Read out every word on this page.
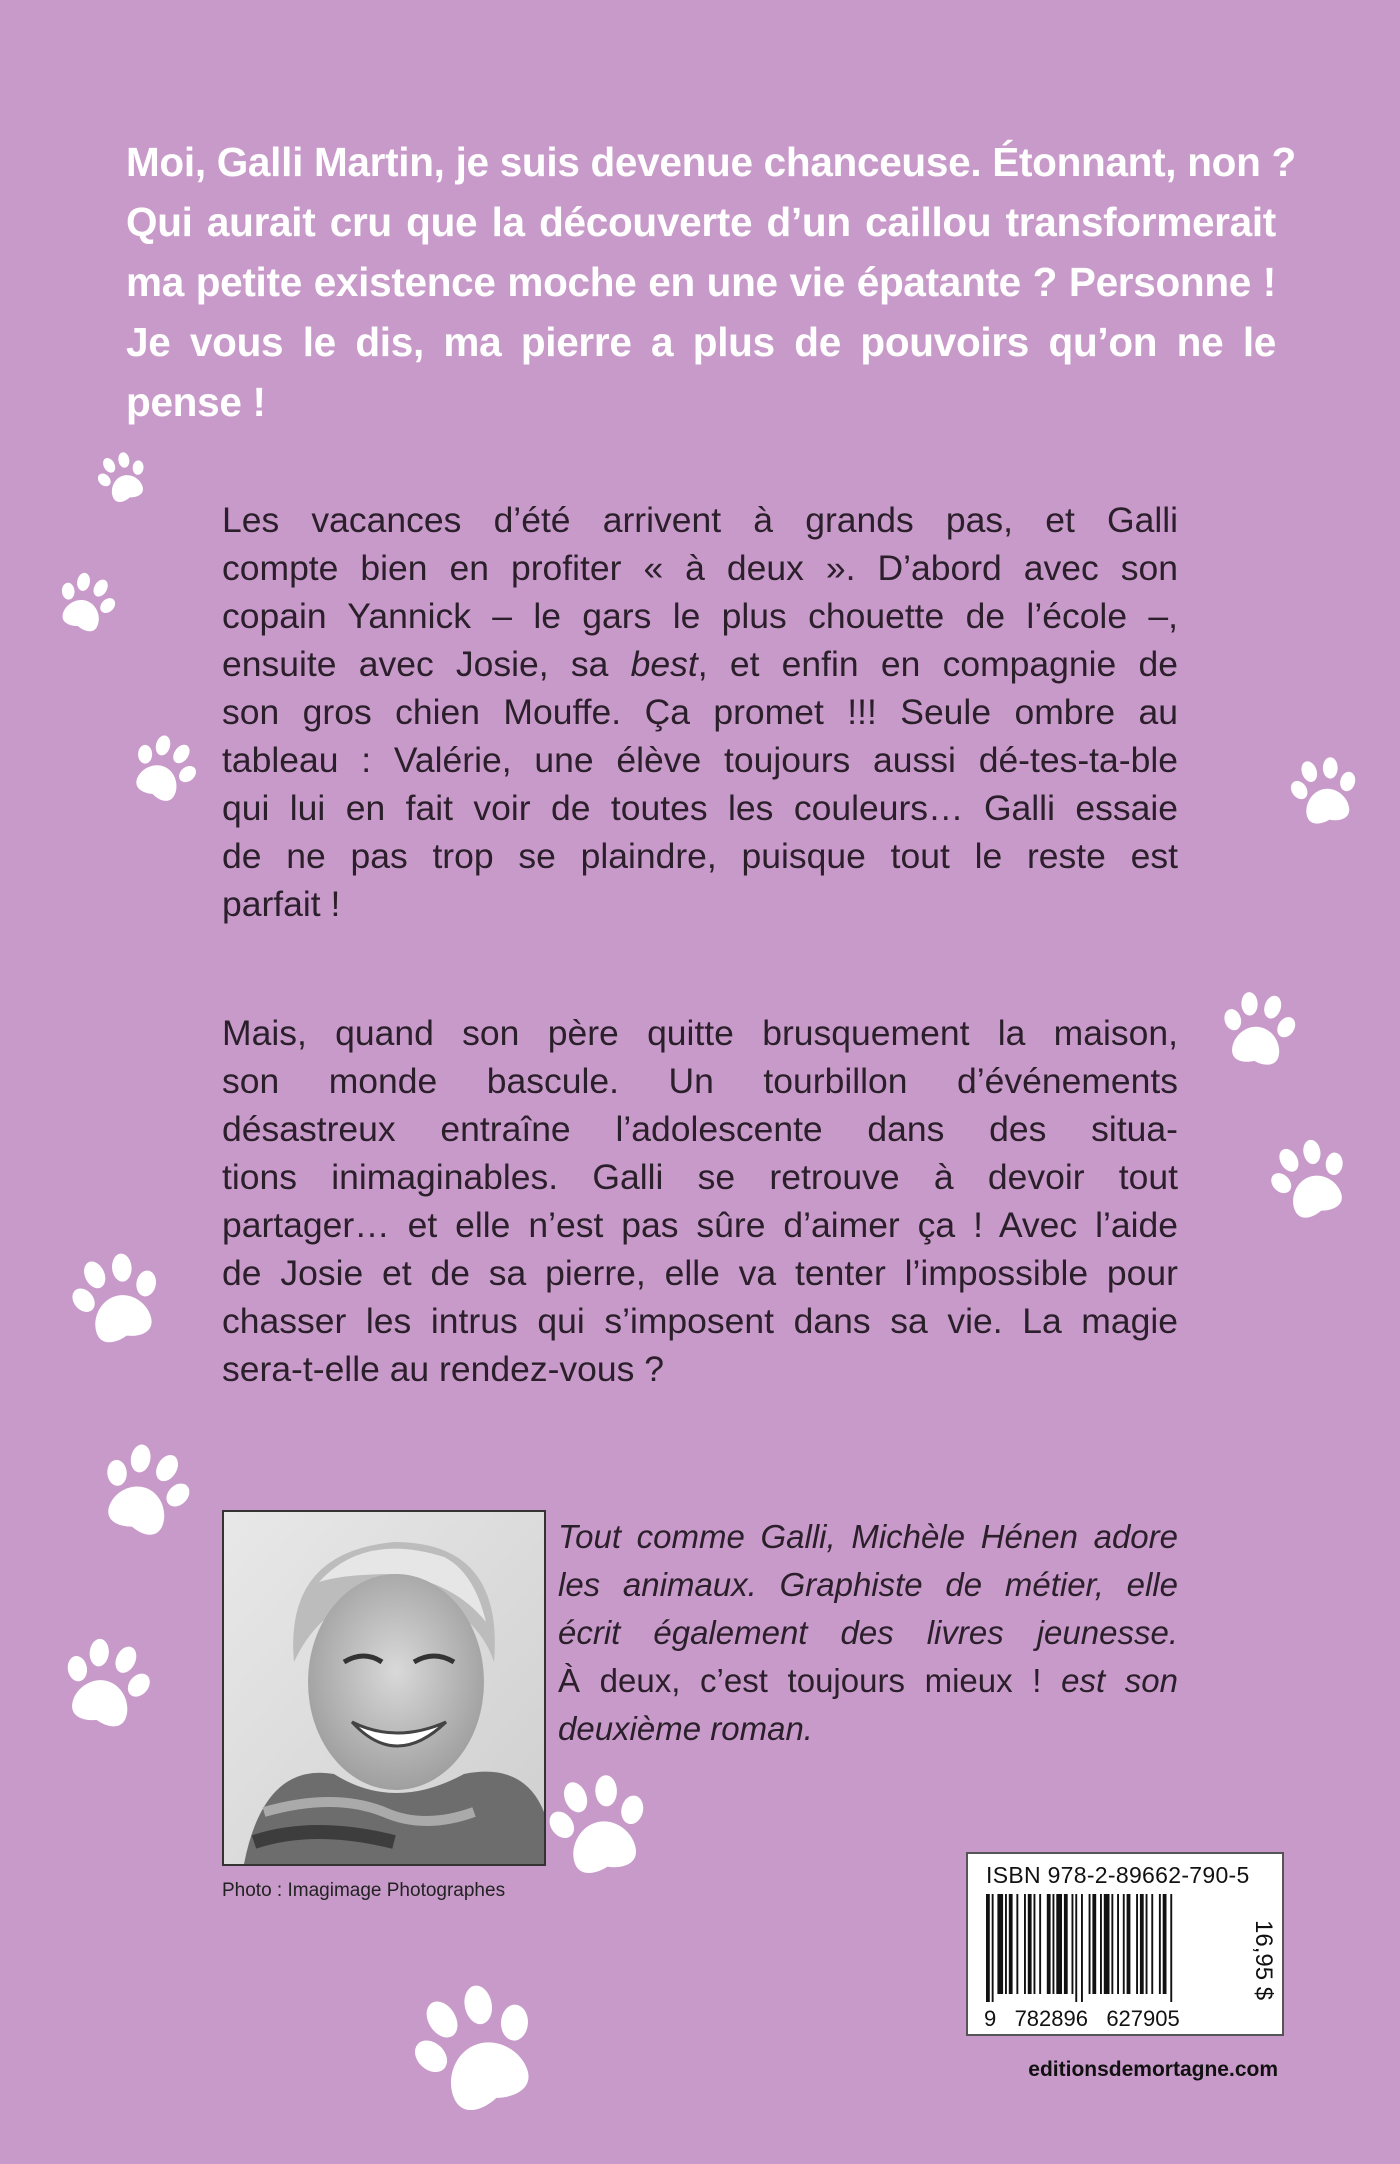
Moi, Galli Martin, je suis devenue chanceuse. Étonnant, non ?
Qui aurait cru que la découverte d’un caillou transformerait
ma petite existence moche en une vie épatante ? Personne !
Je vous le dis, ma pierre a plus de pouvoirs qu’on ne le
pense !

Les vacances d’été arrivent à grands pas, et Galli
compte bien en profiter « à deux ». D’abord avec son
copain Yannick – le gars le plus chouette de l’école –,
ensuite avec Josie, sa best, et enfin en compagnie de
son gros chien Mouffe. Ça promet !!! Seule ombre au
tableau : Valérie, une élève toujours aussi dé-tes-ta-ble
qui lui en fait voir de toutes les couleurs… Galli essaie
de ne pas trop se plaindre, puisque tout le reste est
parfait !

Mais, quand son père quitte brusquement la maison,
son monde bascule. Un tourbillon d’événements
désastreux entraîne l’adolescente dans des situa-
tions inimaginables. Galli se retrouve à devoir tout
partager… et elle n’est pas sûre d’aimer ça ! Avec l’aide
de Josie et de sa pierre, elle va tenter l’impossible pour
chasser les intrus qui s’imposent dans sa vie. La magie
sera-t-elle au rendez-vous ?

Photo : Imagimage Photographes

Tout comme Galli, Michèle Hénen adore
les animaux. Graphiste de métier, elle
écrit également des livres jeunesse.
À deux, c’est toujours mieux ! est son
deuxième roman.

ISBN 978-2-89662-790-5
9   782896   627905
16,95 $
editionsdemortagne.com
